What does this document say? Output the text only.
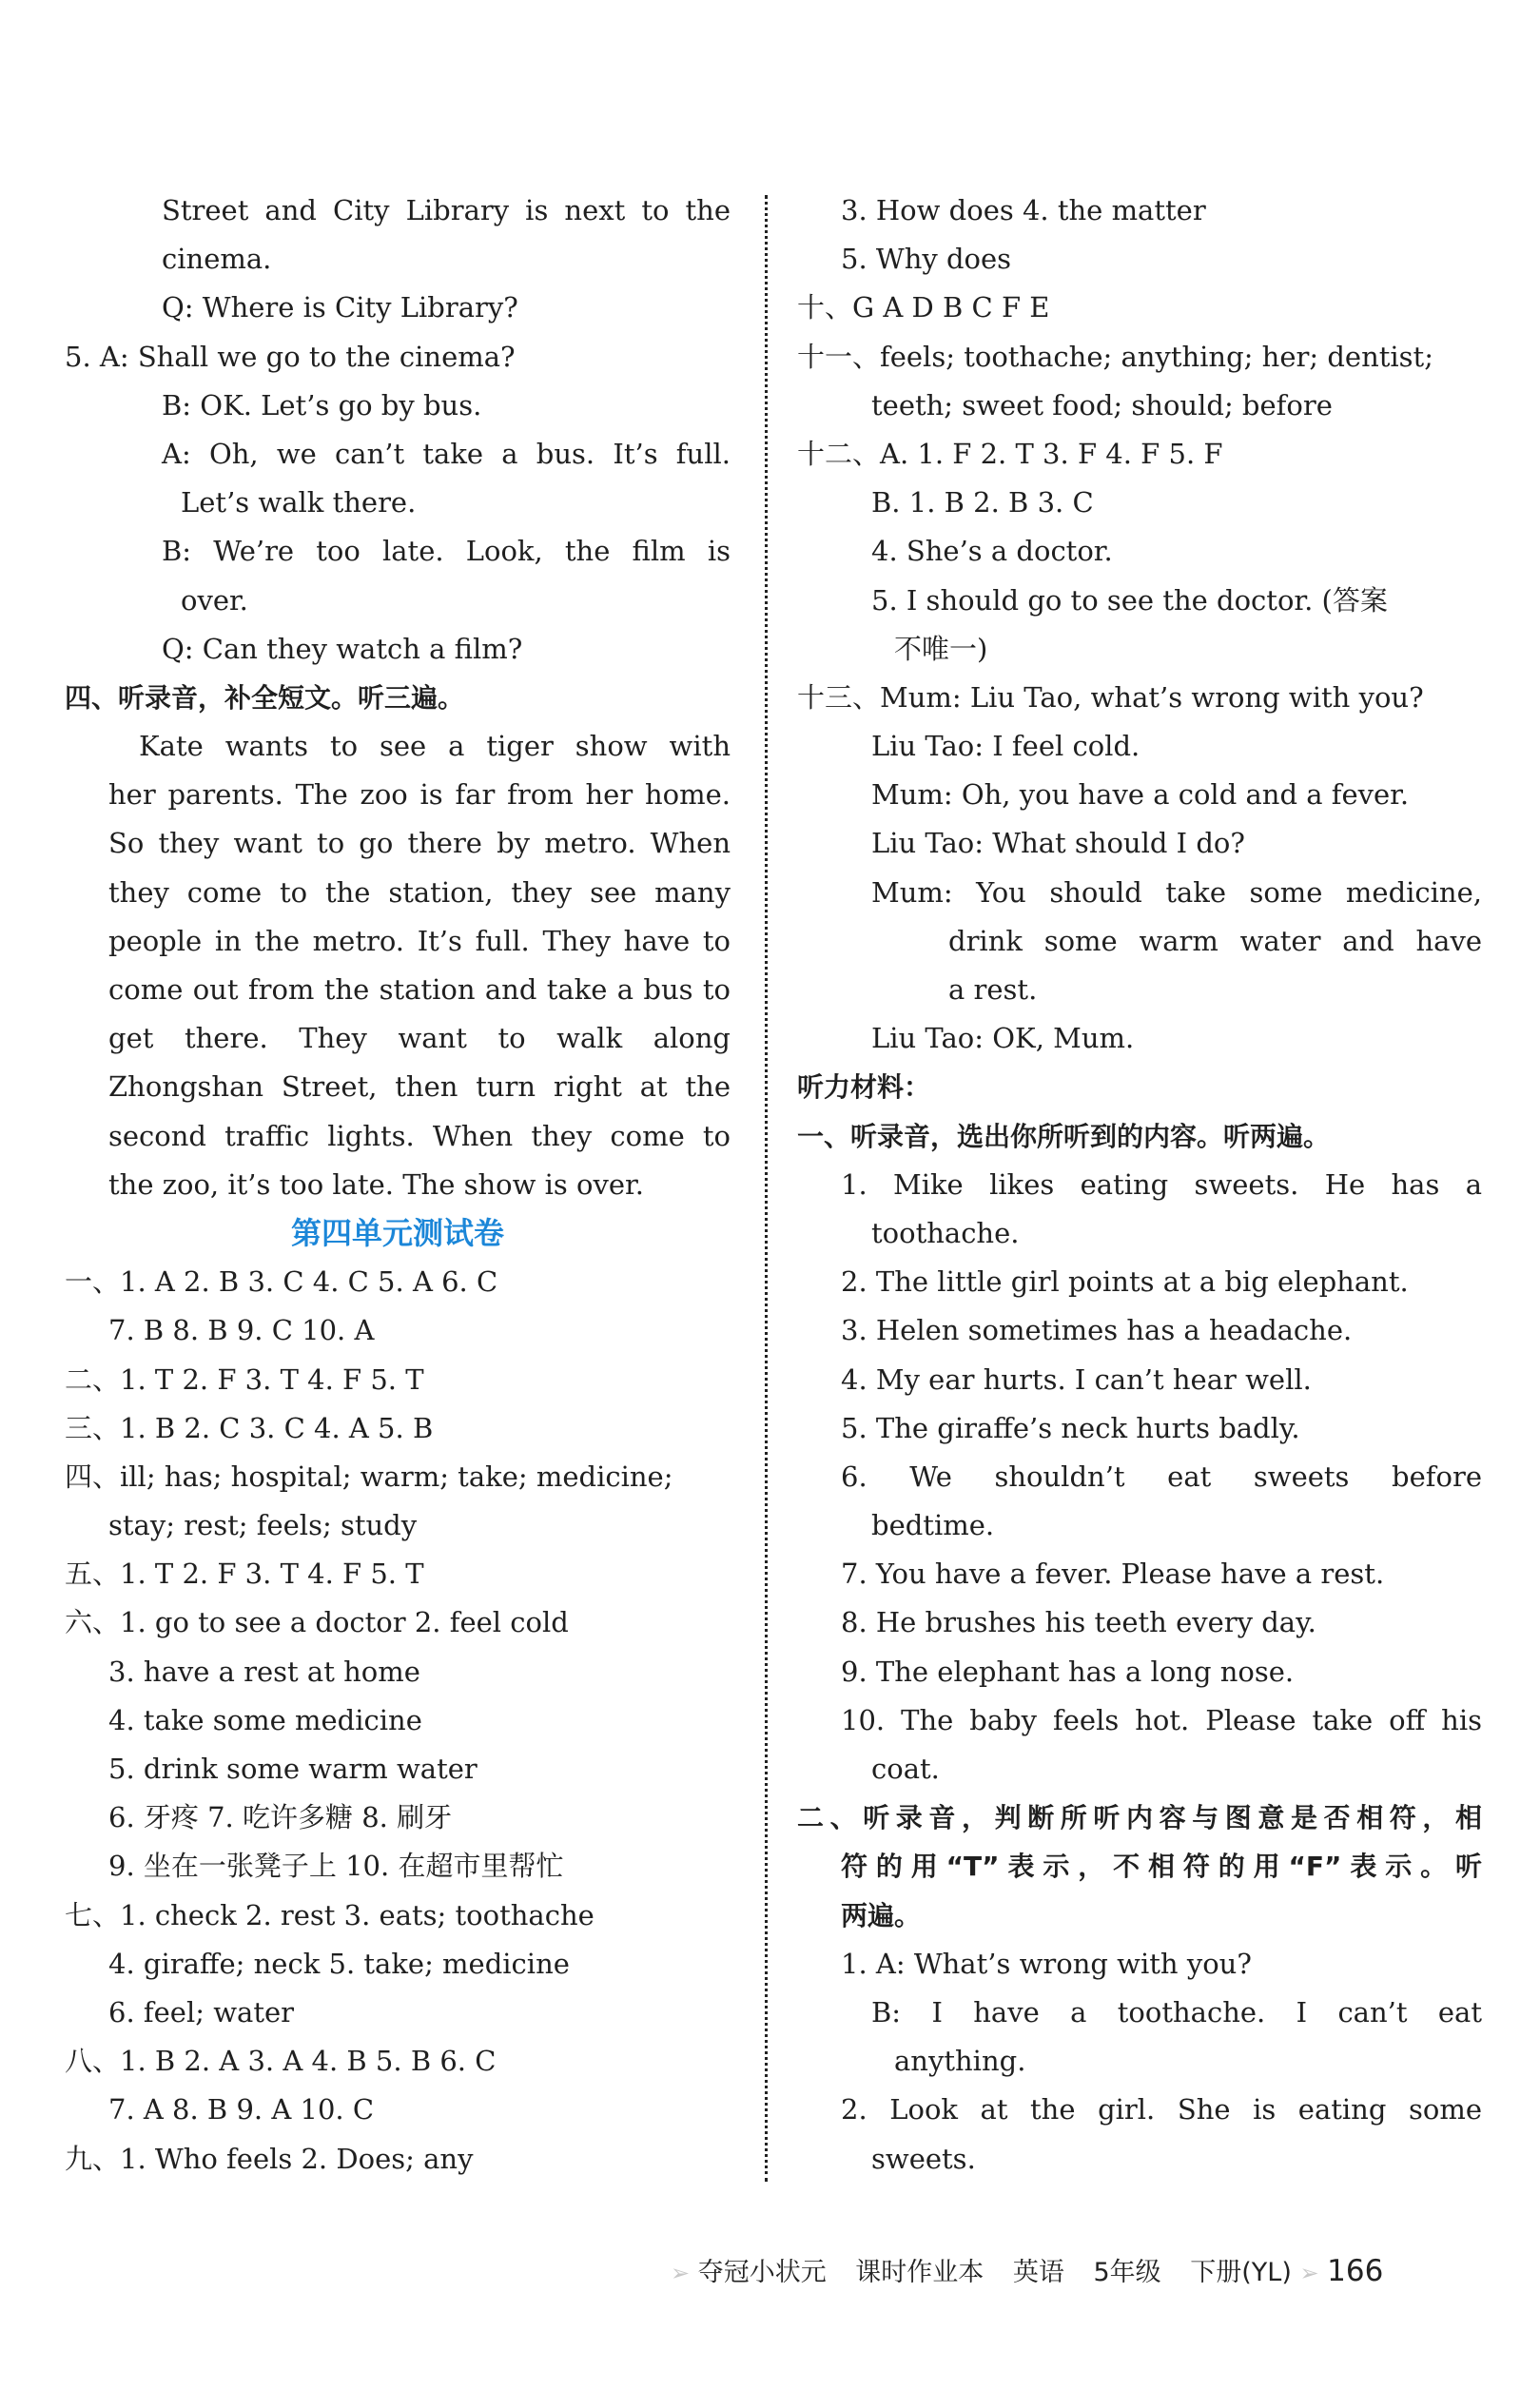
Street and City Library is next to the
cinema.
Q: Where is City Library?
5. A: Shall we go to the cinema?
B: OK. Let’s go by bus.
A: Oh, we can’t take a bus. It’s full.
Let’s walk there.
B: We’re too late. Look, the film is
over.
Q: Can they watch a film?
四、听录音，补全短文。听三遍。
Kate wants to see a tiger show with
her parents. The zoo is far from her home.
So they want to go there by metro. When
they come to the station, they see many
people in the metro. It’s full. They have to
come out from the station and take a bus to
get there. They want to walk along
Zhongshan Street, then turn right at the
second traffic lights. When they come to
the zoo, it’s too late. The show is over.
第四单元测试卷
一、1. A 2. B 3. C 4. C 5. A 6. C
7. B 8. B 9. C 10. A
二、1. T 2. F 3. T 4. F 5. T
三、1. B 2. C 3. C 4. A 5. B
四、ill; has; hospital; warm; take; medicine;
stay; rest; feels; study
五、1. T 2. F 3. T 4. F 5. T
六、1. go to see a doctor 2. feel cold
3. have a rest at home
4. take some medicine
5. drink some warm water
6. 牙疼 7. 吃许多糖 8. 刷牙
9. 坐在一张凳子上 10. 在超市里帮忙
七、1. check 2. rest 3. eats; toothache
4. giraffe; neck 5. take; medicine
6. feel; water
八、1. B 2. A 3. A 4. B 5. B 6. C
7. A 8. B 9. A 10. C
九、1. Who feels 2. Does; any
3. How does 4. the matter
5. Why does
十、G A D B C F E
十一、feels; toothache; anything; her; dentist;
teeth; sweet food; should; before
十二、A. 1. F 2. T 3. F 4. F 5. F
B. 1. B 2. B 3. C
4. She’s a doctor.
5. I should go to see the doctor. (答案
不唯一)
十三、Mum: Liu Tao, what’s wrong with you?
Liu Tao: I feel cold.
Mum: Oh, you have a cold and a fever.
Liu Tao: What should I do?
Mum: You should take some medicine,
drink some warm water and have
a rest.
Liu Tao: OK, Mum.
听力材料：
一、听录音，选出你所听到的内容。听两遍。
1. Mike likes eating sweets. He has a
toothache.
2. The little girl points at a big elephant.
3. Helen sometimes has a headache.
4. My ear hurts. I can’t hear well.
5. The giraffe’s neck hurts badly.
6. We shouldn’t eat sweets before
bedtime.
7. You have a fever. Please have a rest.
8. He brushes his teeth every day.
9. The elephant has a long nose.
10. The baby feels hot. Please take off his
coat.
二、听录音，判断所听内容与图意是否相符，相
符的用“T”表示，不相符的用“F”表示。听
两遍。
1. A: What’s wrong with you?
B: I have a toothache. I can’t eat
anything.
2. Look at the girl. She is eating some
sweets.
➢ 夺冠小状元 课时作业本 英语 5年级 下册(YL) ➢ 166
